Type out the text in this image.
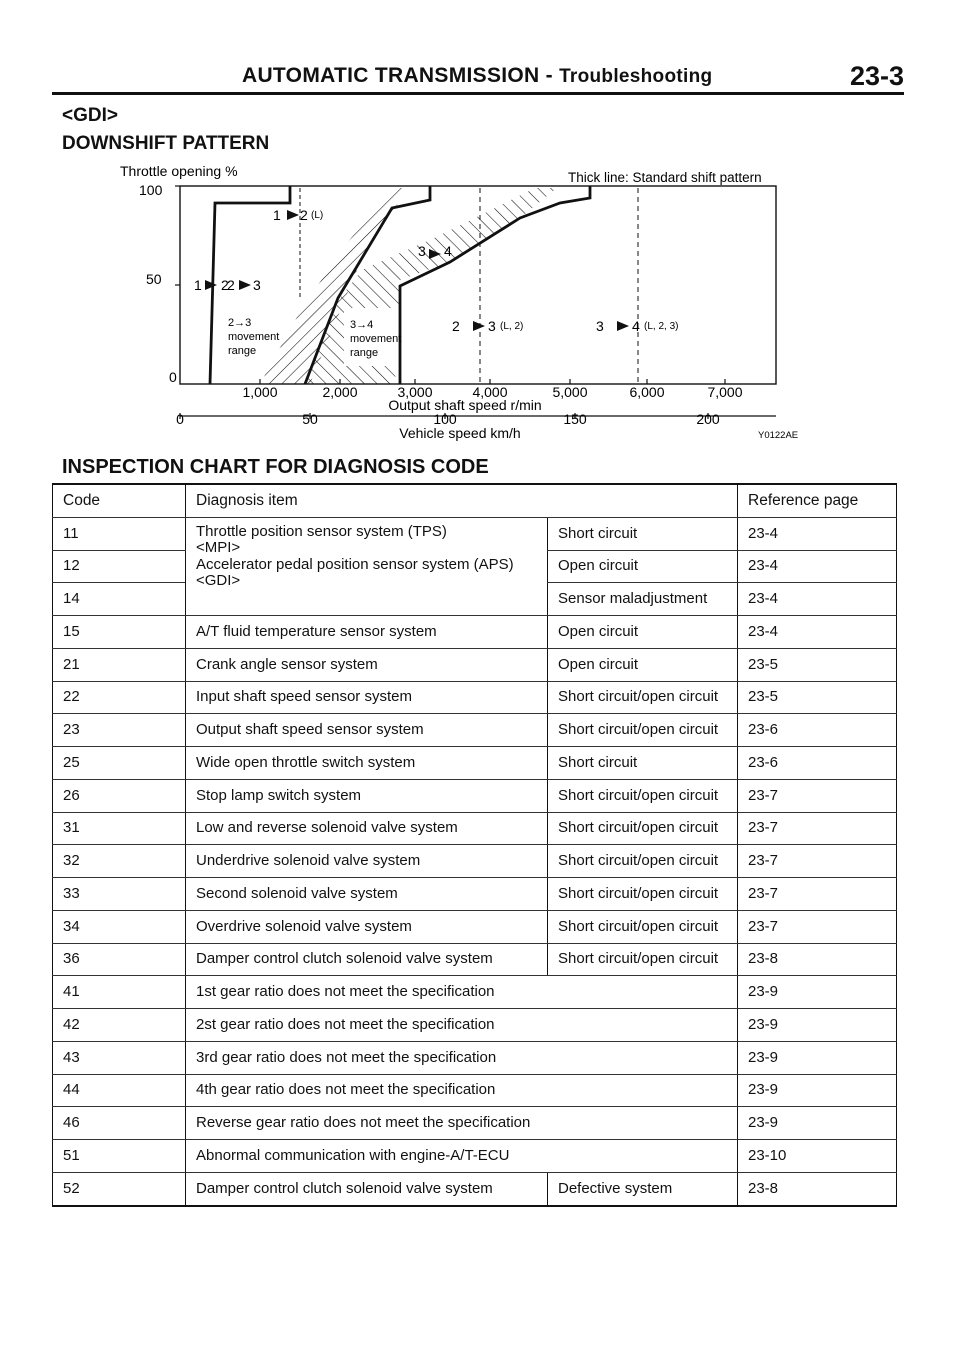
AUTOMATIC TRANSMISSION - Troubleshooting	23-3
<GDI>
DOWNSHIFT PATTERN
Throttle opening %	Thick line: Standard shift pattern
100
50
0
1 2 (L)
1 2
2 3
3 4
2 3 (L, 2)	3 4 (L, 2, 3)
2→3
movement
range
3→4
movement
range
1,000	2,000	3,000	4,000	5,000	6,000	7,000
Output shaft speed r/min
0	50	100	150	200
Vehicle speed km/h	Y0122AE
INSPECTION CHART FOR DIAGNOSIS CODE
Code	Diagnosis item		Reference page
11	Throttle position sensor system (TPS)
<MPI>
Accelerator pedal position sensor system (APS)
<GDI>	Short circuit	23-4
12		Open circuit	23-4
14		Sensor maladjustment	23-4
15	A/T fluid temperature sensor system	Open circuit	23-4
21	Crank angle sensor system	Open circuit	23-5
22	Input shaft speed sensor system	Short circuit/open circuit	23-5
23	Output shaft speed sensor system	Short circuit/open circuit	23-6
25	Wide open throttle switch system	Short circuit	23-6
26	Stop lamp switch system	Short circuit/open circuit	23-7
31	Low and reverse solenoid valve system	Short circuit/open circuit	23-7
32	Underdrive solenoid valve system	Short circuit/open circuit	23-7
33	Second solenoid valve system	Short circuit/open circuit	23-7
34	Overdrive solenoid valve system	Short circuit/open circuit	23-7
36	Damper control clutch solenoid valve system	Short circuit/open circuit	23-8
41	1st gear ratio does not meet the specification		23-9
42	2st gear ratio does not meet the specification		23-9
43	3rd gear ratio does not meet the specification		23-9
44	4th gear ratio does not meet the specification		23-9
46	Reverse gear ratio does not meet the specification		23-9
51	Abnormal communication with engine-A/T-ECU		23-10
52	Damper control clutch solenoid valve system	Defective system	23-8
